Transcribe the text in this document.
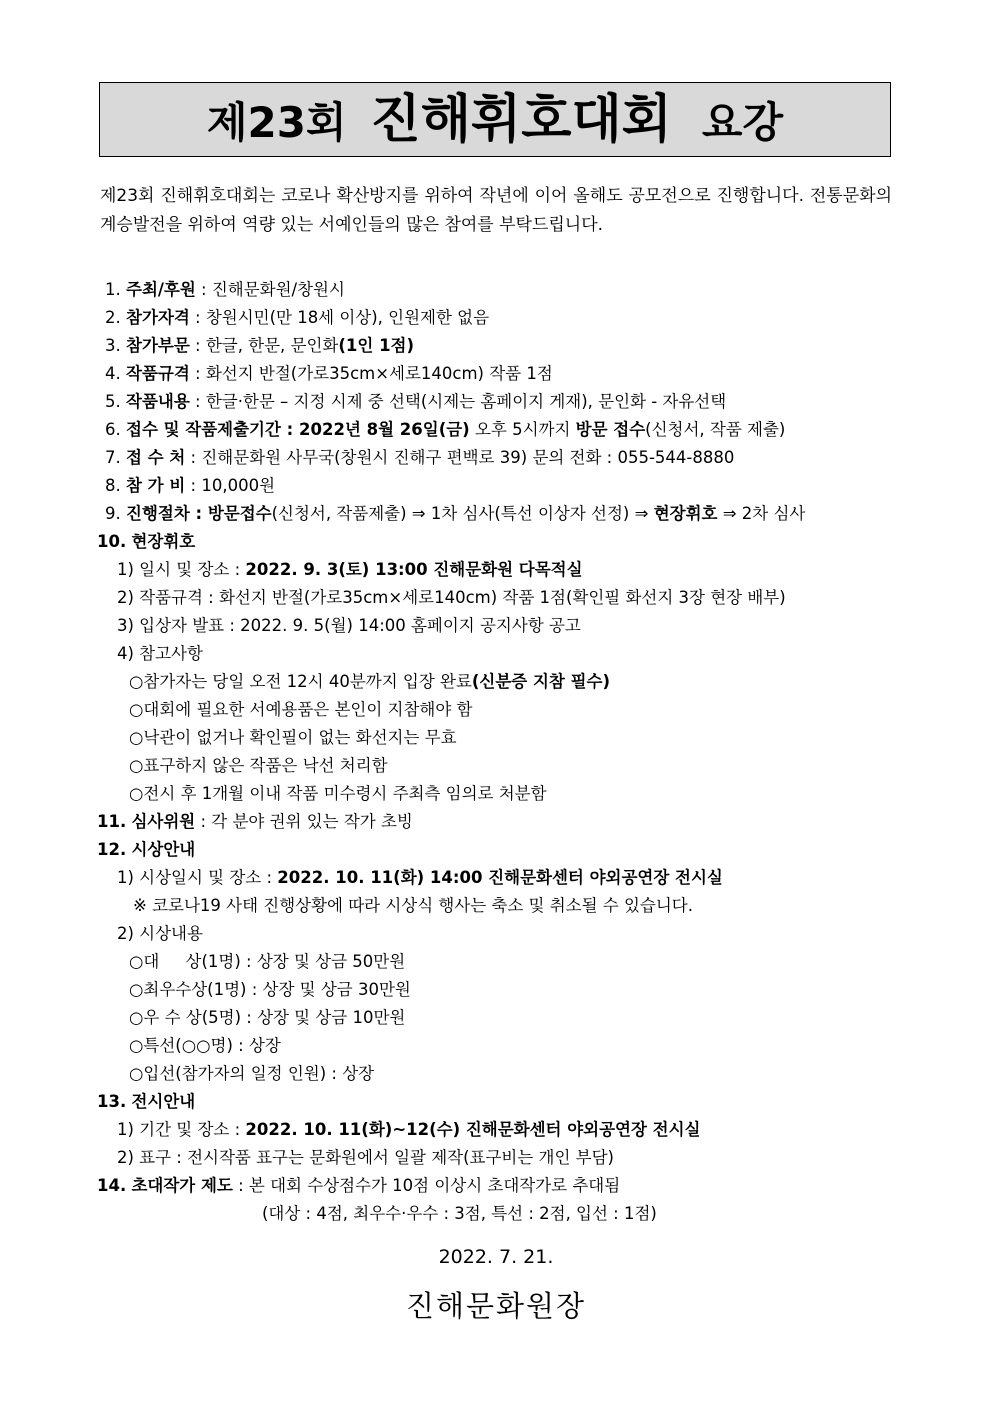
제23회 진해휘호대회 요강
제23회 진해휘호대회는 코로나 확산방지를 위하여 작년에 이어 올해도 공모전으로 진행합니다. 전통문화의 계승발전을 위하여 역량 있는 서예인들의 많은 참여를 부탁드립니다.
1. 주최/후원 : 진해문화원/창원시
2. 참가자격 : 창원시민(만 18세 이상), 인원제한 없음
3. 참가부문 : 한글, 한문, 문인화(1인 1점)
4. 작품규격 : 화선지 반절(가로35cm×세로140cm) 작품 1점
5. 작품내용 : 한글·한문 – 지정 시제 중 선택(시제는 홈페이지 게재), 문인화 - 자유선택
6. 접수 및 작품제출기간 : 2022년 8월 26일(금) 오후 5시까지 방문 접수(신청서, 작품 제출)
7. 접 수 처 : 진해문화원 사무국(창원시 진해구 편백로 39) 문의 전화 : 055-544-8880
8. 참 가 비 : 10,000원
9. 진행절차 : 방문접수(신청서, 작품제출) ⇒ 1차 심사(특선 이상자 선정) ⇒ 현장휘호 ⇒ 2차 심사
10. 현장휘호
1) 일시 및 장소 : 2022. 9. 3(토) 13:00 진해문화원 다목적실
2) 작품규격 : 화선지 반절(가로35cm×세로140cm) 작품 1점(확인필 화선지 3장 현장 배부)
3) 입상자 발표 : 2022. 9. 5(월) 14:00 홈페이지 공지사항 공고
4) 참고사항
○참가자는 당일 오전 12시 40분까지 입장 완료(신분증 지참 필수)
○대회에 필요한 서예용품은 본인이 지참해야 함
○낙관이 없거나 확인필이 없는 화선지는 무효
○표구하지 않은 작품은 낙선 처리함
○전시 후 1개월 이내 작품 미수령시 주최측 임의로 처분함
11. 심사위원 : 각 분야 권위 있는 작가 초빙
12. 시상안내
1) 시상일시 및 장소 : 2022. 10. 11(화) 14:00 진해문화센터 야외공연장 전시실
※ 코로나19 사태 진행상황에 따라 시상식 행사는 축소 및 취소될 수 있습니다.
2) 시상내용
○대     상(1명) : 상장 및 상금 50만원
○최우수상(1명) : 상장 및 상금 30만원
○우 수 상(5명) : 상장 및 상금 10만원
○특선(○○명) : 상장
○입선(참가자의 일정 인원) : 상장
13. 전시안내
1) 기간 및 장소 : 2022. 10. 11(화)~12(수) 진해문화센터 야외공연장 전시실
2) 표구 : 전시작품 표구는 문화원에서 일괄 제작(표구비는 개인 부담)
14. 초대작가 제도 : 본 대회 수상점수가 10점 이상시 초대작가로 추대됨
(대상 : 4점, 최우수·우수 : 3점, 특선 : 2점, 입선 : 1점)
2022. 7. 21.
진해문화원장
